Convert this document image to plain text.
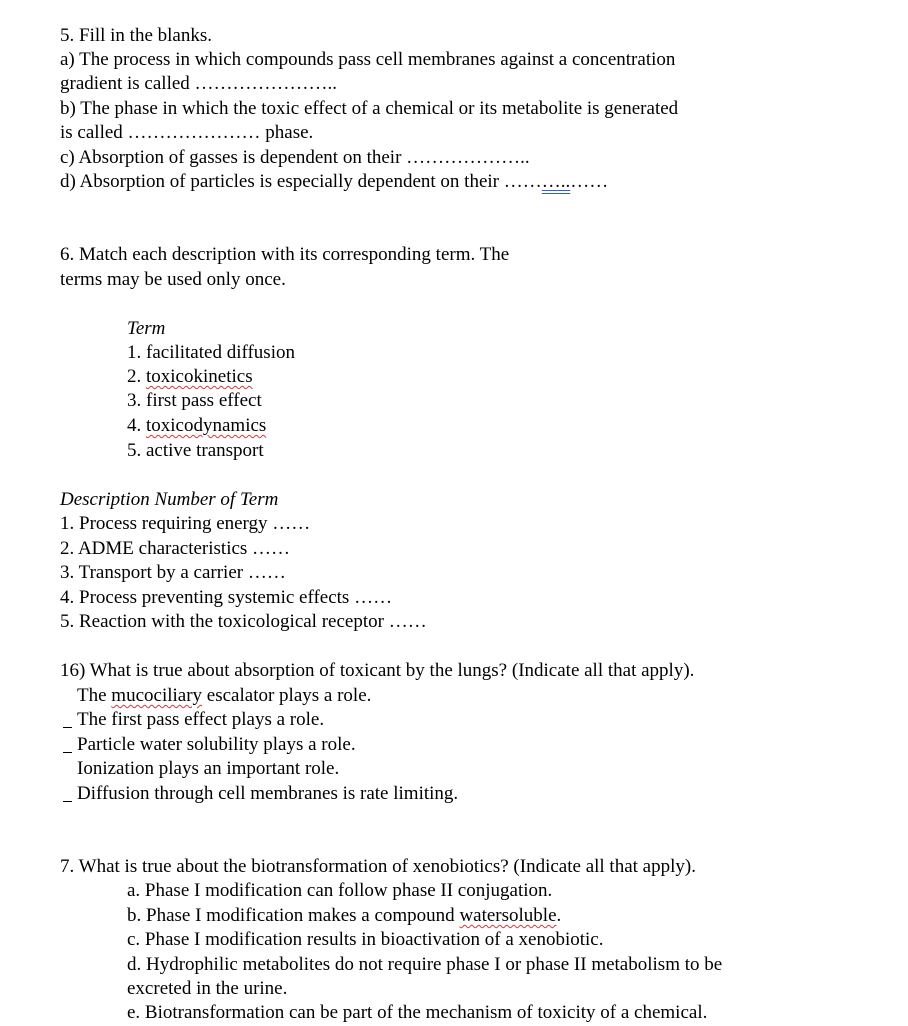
5. Fill in the blanks.
a) The process in which compounds pass cell membranes against a concentration
gradient is called …………………..
b) The phase in which the toxic effect of a chemical or its metabolite is generated
is called ………………… phase.
c) Absorption of gasses is dependent on their ………………..
d) Absorption of particles is especially dependent on their ………..……
6. Match each description with its corresponding term. The
terms may be used only once.
Term
1. facilitated diffusion
2. toxicokinetics
3. first pass effect
4. toxicodynamics
5. active transport
Description Number of Term
1. Process requiring energy ……
2. ADME characteristics ……
3. Transport by a carrier ……
4. Process preventing systemic effects ……
5. Reaction with the toxicological receptor ……
16) What is true about absorption of toxicant by the lungs? (Indicate all that apply).
The mucociliary escalator plays a role.
The first pass effect plays a role.
Particle water solubility plays a role.
Ionization plays an important role.
Diffusion through cell membranes is rate limiting.
7. What is true about the biotransformation of xenobiotics? (Indicate all that apply).
a. Phase I modification can follow phase II conjugation.
b. Phase I modification makes a compound watersoluble.
c. Phase I modification results in bioactivation of a xenobiotic.
d. Hydrophilic metabolites do not require phase I or phase II metabolism to be
excreted in the urine.
e. Biotransformation can be part of the mechanism of toxicity of a chemical.
